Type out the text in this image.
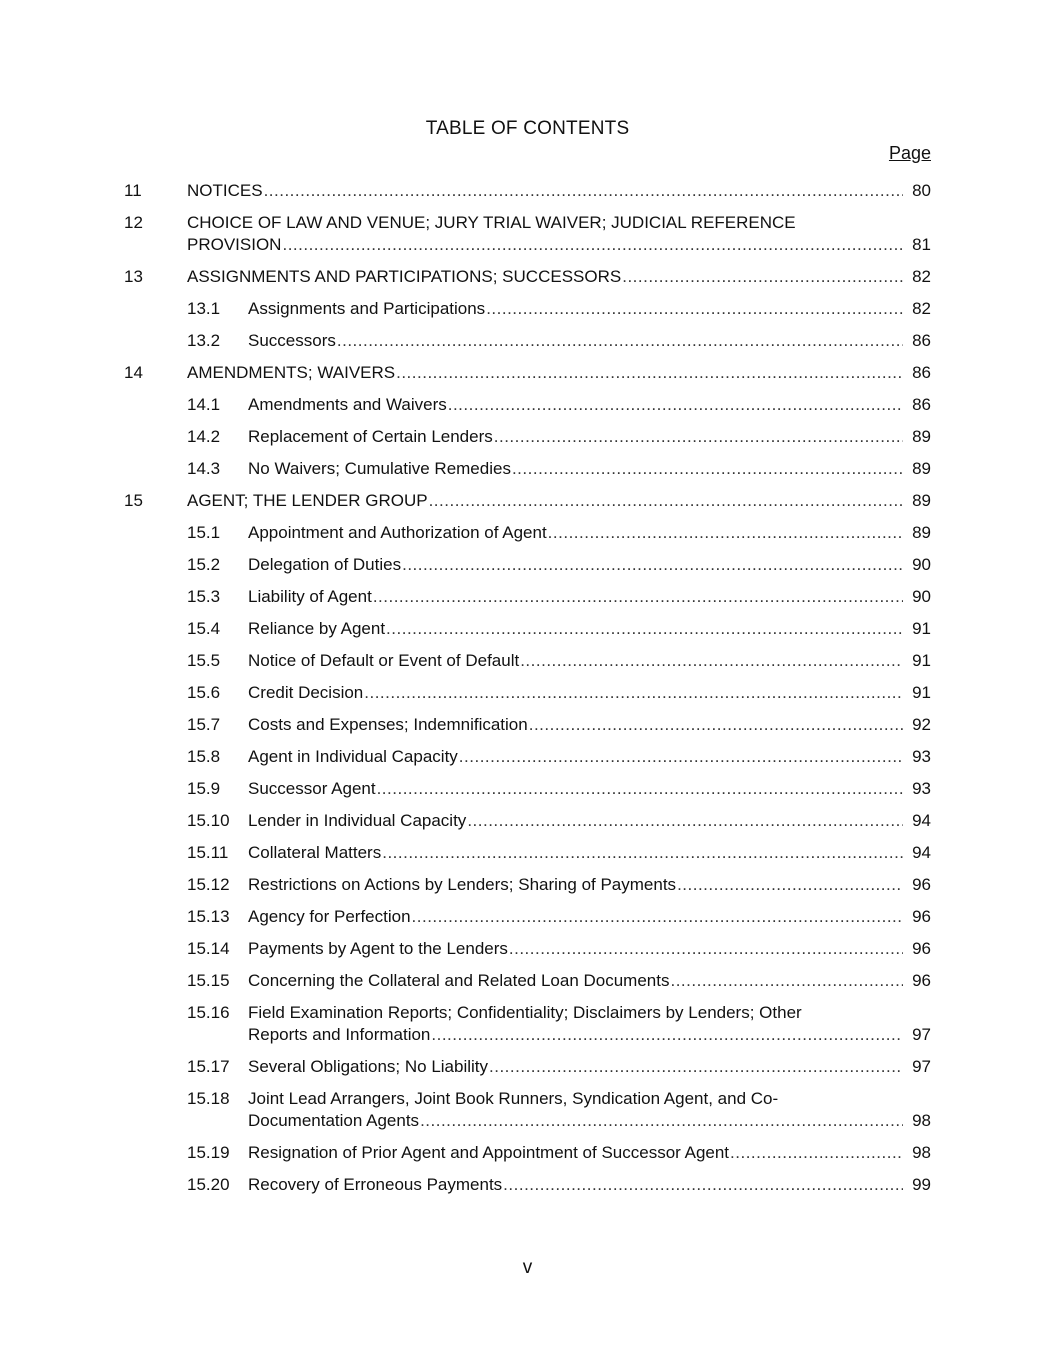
TABLE OF CONTENTS
Page
11	NOTICES .....	80
12	CHOICE OF LAW AND VENUE; JURY TRIAL WAIVER; JUDICIAL REFERENCE
PROVISION .....	81
13	ASSIGNMENTS AND PARTICIPATIONS; SUCCESSORS .....	82
13.1 Assignments and Participations .....	82
13.2 Successors .....	86
14	AMENDMENTS; WAIVERS .....	86
14.1 Amendments and Waivers .....	86
14.2 Replacement of Certain Lenders .....	89
14.3 No Waivers; Cumulative Remedies .....	89
15	AGENT; THE LENDER GROUP .....	89
15.1 Appointment and Authorization of Agent .....	89
15.2 Delegation of Duties .....	90
15.3 Liability of Agent .....	90
15.4 Reliance by Agent .....	91
15.5 Notice of Default or Event of Default .....	91
15.6 Credit Decision .....	91
15.7 Costs and Expenses; Indemnification .....	92
15.8 Agent in Individual Capacity .....	93
15.9 Successor Agent .....	93
15.10 Lender in Individual Capacity .....	94
15.11 Collateral Matters .....	94
15.12 Restrictions on Actions by Lenders; Sharing of Payments .....	96
15.13 Agency for Perfection .....	96
15.14 Payments by Agent to the Lenders .....	96
15.15 Concerning the Collateral and Related Loan Documents .....	96
15.16 Field Examination Reports; Confidentiality; Disclaimers by Lenders; Other
Reports and Information .....	97
15.17 Several Obligations; No Liability .....	97
15.18 Joint Lead Arrangers, Joint Book Runners, Syndication Agent, and Co-
Documentation Agents .....	98
15.19 Resignation of Prior Agent and Appointment of Successor Agent .....	98
15.20 Recovery of Erroneous Payments .....	99
v
